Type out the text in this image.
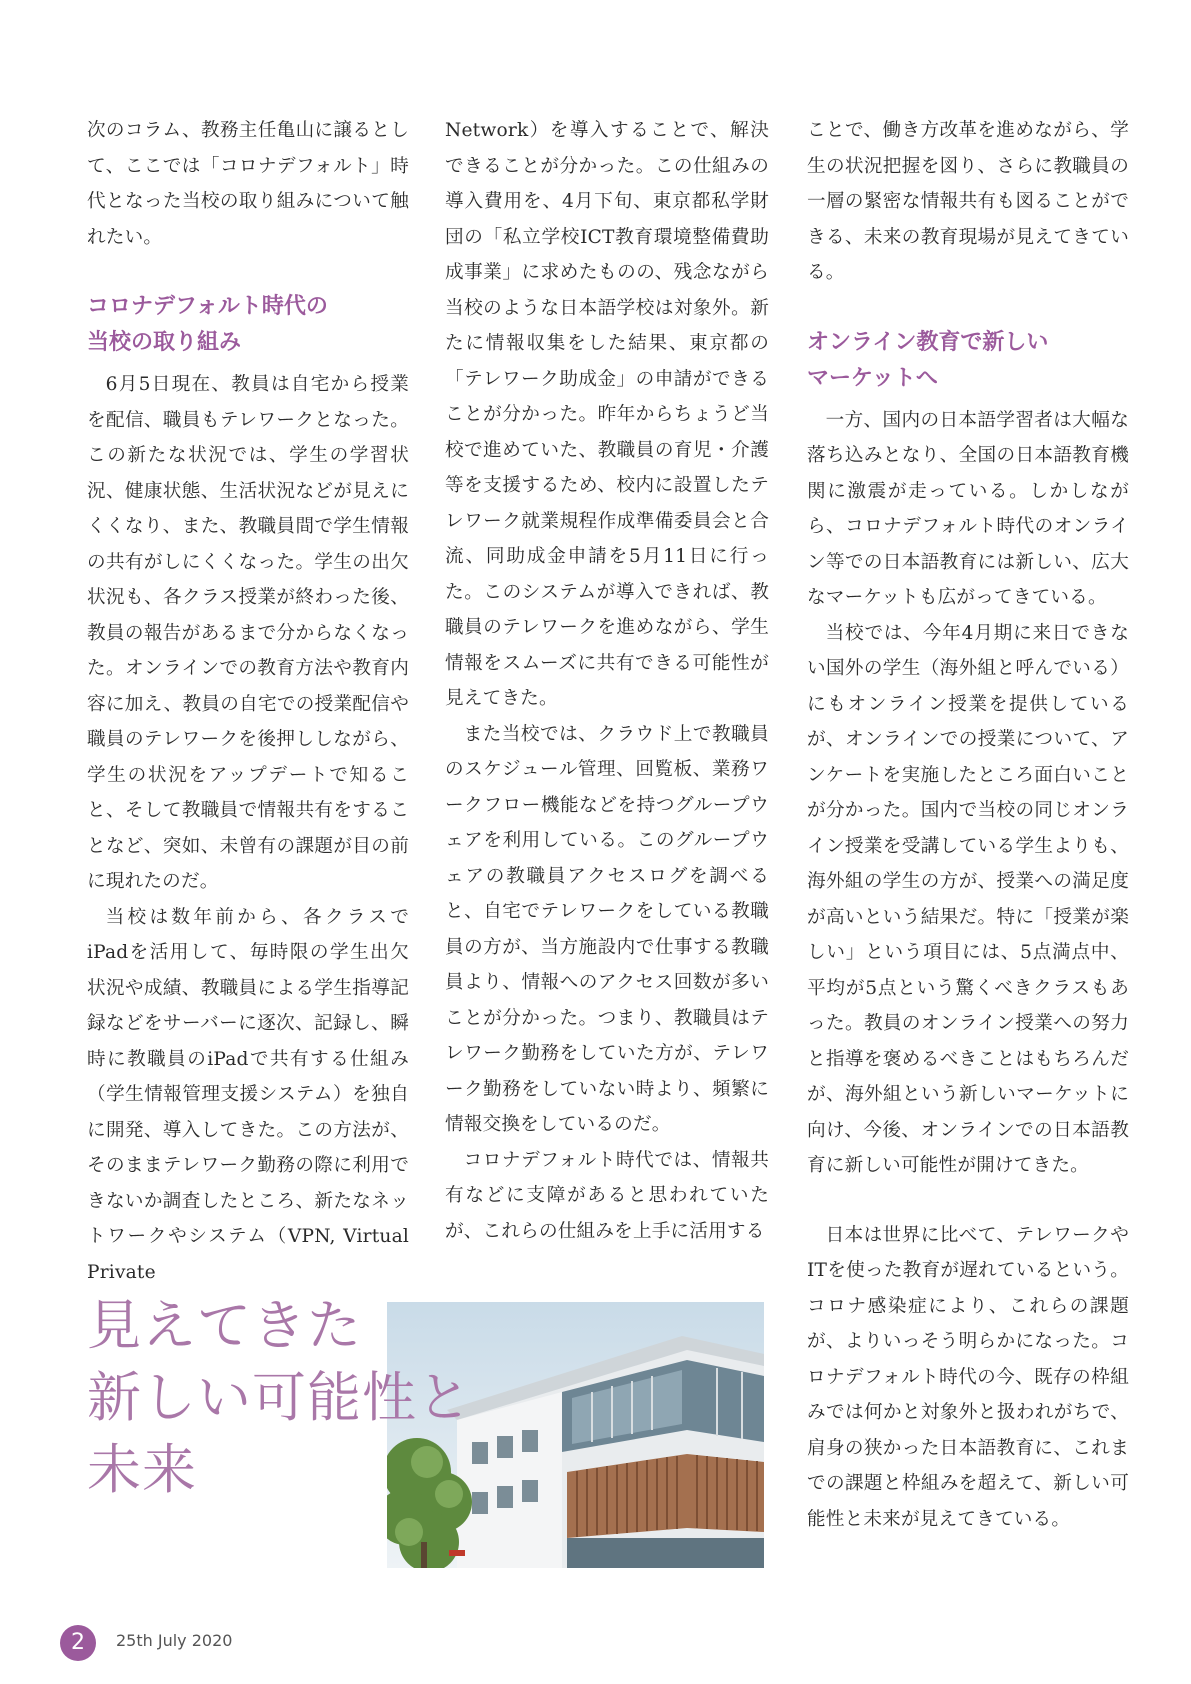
次のコラム、教務主任亀山に譲るとして、ここでは「コロナデフォルト」時代となった当校の取り組みについて触れたい。

コロナデフォルト時代の
当校の取り組み

6月5日現在、教員は自宅から授業を配信、職員もテレワークとなった。この新たな状況では、学生の学習状況、健康状態、生活状況などが見えにくくなり、また、教職員間で学生情報の共有がしにくくなった。学生の出欠状況も、各クラス授業が終わった後、教員の報告があるまで分からなくなった。オンラインでの教育方法や教育内容に加え、教員の自宅での授業配信や職員のテレワークを後押ししながら、学生の状況をアップデートで知ること、そして教職員で情報共有をすることなど、突如、未曾有の課題が目の前に現れたのだ。

当校は数年前から、各クラスでiPadを活用して、毎時限の学生出欠状況や成績、教職員による学生指導記録などをサーバーに逐次、記録し、瞬時に教職員のiPadで共有する仕組み（学生情報管理支援システム）を独自に開発、導入してきた。この方法が、そのままテレワーク勤務の際に利用できないか調査したところ、新たなネットワークやシステム（VPN, Virtual Private

Network）を導入することで、解決できることが分かった。この仕組みの導入費用を、4月下旬、東京都私学財団の「私立学校ICT教育環境整備費助成事業」に求めたものの、残念ながら当校のような日本語学校は対象外。新たに情報収集をした結果、東京都の「テレワーク助成金」の申請ができることが分かった。昨年からちょうど当校で進めていた、教職員の育児・介護等を支援するため、校内に設置したテレワーク就業規程作成準備委員会と合流、同助成金申請を5月11日に行った。このシステムが導入できれば、教職員のテレワークを進めながら、学生情報をスムーズに共有できる可能性が見えてきた。

また当校では、クラウド上で教職員のスケジュール管理、回覧板、業務ワークフロー機能などを持つグループウェアを利用している。このグループウェアの教職員アクセスログを調べると、自宅でテレワークをしている教職員の方が、当方施設内で仕事する教職員より、情報へのアクセス回数が多いことが分かった。つまり、教職員はテレワーク勤務をしていた方が、テレワーク勤務をしていない時より、頻繁に情報交換をしているのだ。

コロナデフォルト時代では、情報共有などに支障があると思われていたが、これらの仕組みを上手に活用する

ことで、働き方改革を進めながら、学生の状況把握を図り、さらに教職員の一層の緊密な情報共有も図ることができる、未来の教育現場が見えてきている。

オンライン教育で新しい
マーケットへ

一方、国内の日本語学習者は大幅な落ち込みとなり、全国の日本語教育機関に激震が走っている。しかしながら、コロナデフォルト時代のオンライン等での日本語教育には新しい、広大なマーケットも広がってきている。

当校では、今年4月期に来日できない国外の学生（海外組と呼んでいる）にもオンライン授業を提供しているが、オンラインでの授業について、アンケートを実施したところ面白いことが分かった。国内で当校の同じオンライン授業を受講している学生よりも、海外組の学生の方が、授業への満足度が高いという結果だ。特に「授業が楽しい」という項目には、5点満点中、平均が5点という驚くべきクラスもあった。教員のオンライン授業への努力と指導を褒めるべきことはもちろんだが、海外組という新しいマーケットに向け、今後、オンラインでの日本語教育に新しい可能性が開けてきた。

日本は世界に比べて、テレワークやITを使った教育が遅れているという。コロナ感染症により、これらの課題が、よりいっそう明らかになった。コロナデフォルト時代の今、既存の枠組みでは何かと対象外と扱われがちで、肩身の狭かった日本語教育に、これまでの課題と枠組みを超えて、新しい可能性と未来が見えてきている。

見えてきた
新しい可能性と
未来
2	25th July 2020
